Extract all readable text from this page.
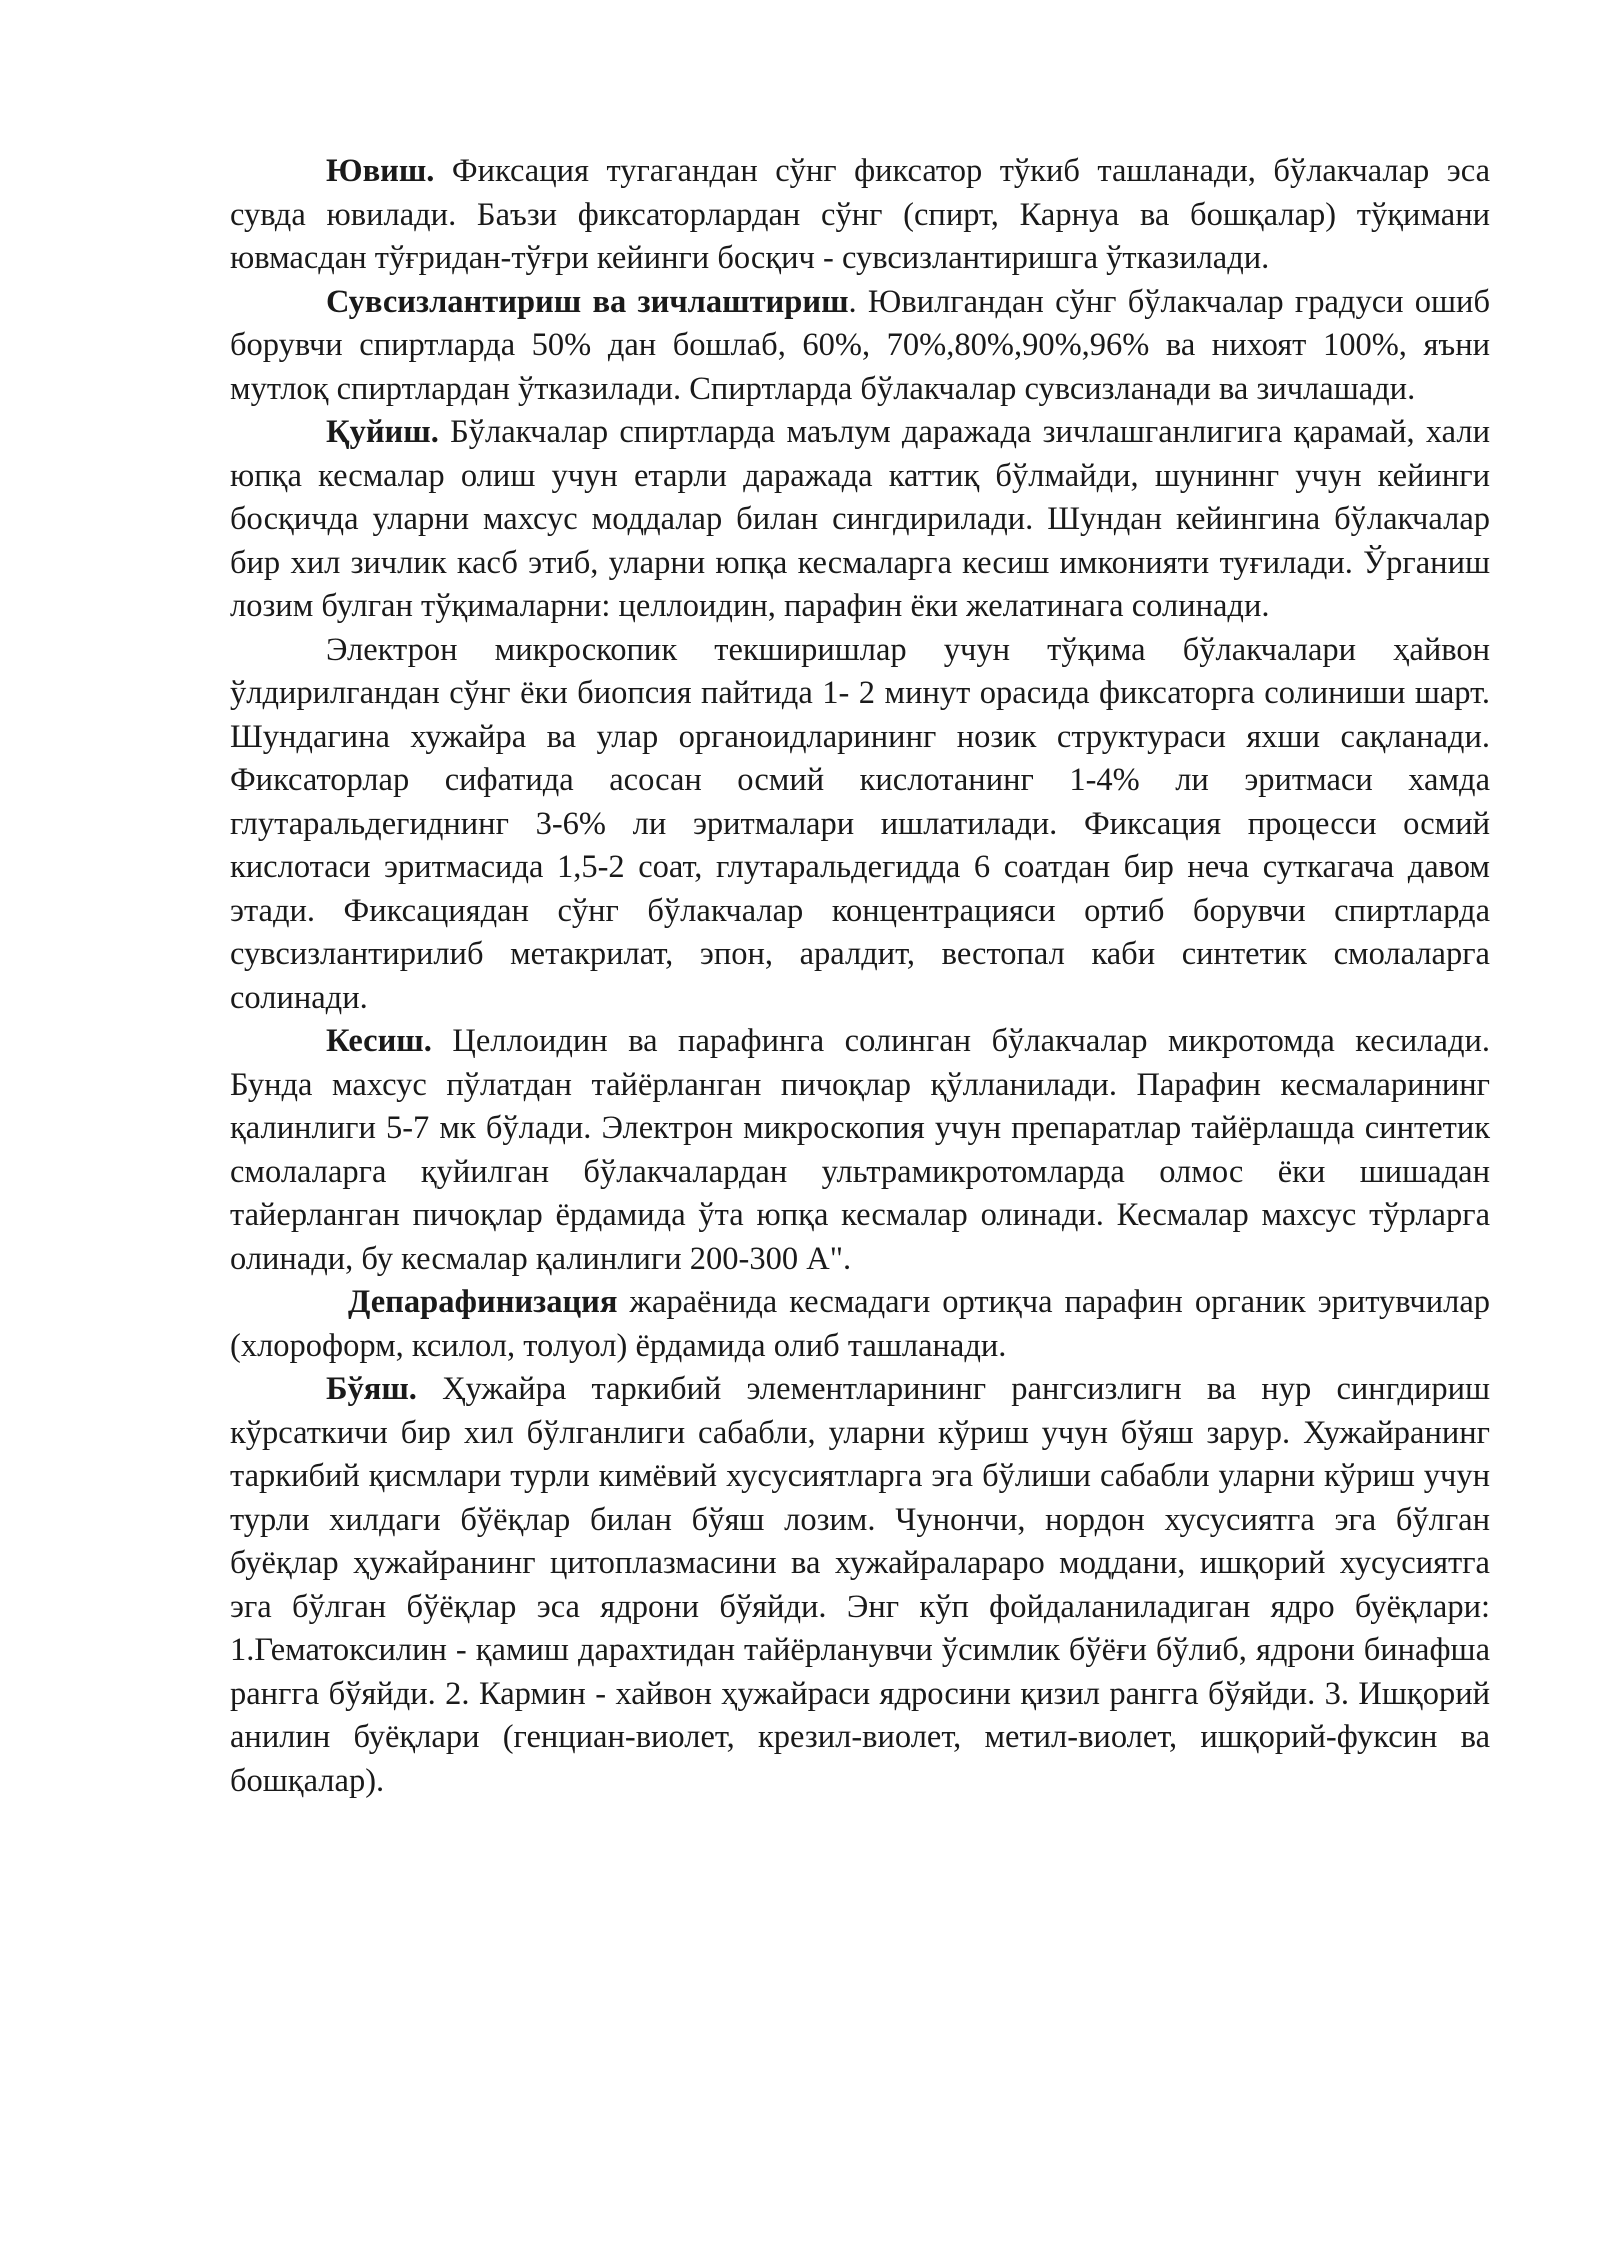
Ювиш. Фиксация тугагандан сўнг фиксатор тўкиб ташланади, бўлакчалар эса сувда ювилади. Баъзи фиксаторлардан сўнг (спирт, Карнуа ва бошқалар) тўқимани ювмасдан тўғридан-тўғри кейинги босқич - сувсизлантиришга ўтказилади.

Сувсизлантириш ва зичлаштириш. Ювилгандан сўнг бўлакчалар градуси ошиб борувчи спиртларда 50% дан бошлаб, 60%, 70%,80%,90%,96% ва нихоят 100%, яъни мутлоқ спиртлардан ўтказилади. Спиртларда бўлакчалар сувсизланади ва зичлашади.

Қуйиш. Бўлакчалар спиртларда маълум даражада зичлашганлигига қарамай, хали юпқа кесмалар олиш учун етарли даражада каттиқ бўлмайди, шуниннг учун кейинги босқичда уларни махсус моддалар билан сингдирилади. Шундан кейингина бўлакчалар бир хил зичлик касб этиб, уларни юпқа кесмаларга кесиш имконияти туғилади. Ўрганиш лозим булган тўқималарни: целлоидин, парафин ёки желатинага солинади.

Электрон микроскопик текширишлар учун тўқима бўлакчалари ҳайвон ўлдирилгандан сўнг ёки биопсия пайтида 1- 2 минут орасида фиксаторга солиниши шарт. Шундагина хужайра ва улар органоидларининг нозик структураси яхши сақланади. Фиксаторлар сифатида асосан осмий кислотанинг 1-4% ли эритмаси хамда глутаральдегиднинг 3-6% ли эритмалари ишлатилади. Фиксация процесси осмий кислотаси эритмасида 1,5-2 соат, глутаральдегидда 6 соатдан бир неча суткагача давом этади. Фиксациядан сўнг бўлакчалар концентрацияси ортиб борувчи спиртларда сувсизлантирилиб метакрилат, эпон, аралдит, вестопал каби синтетик смолаларга солинади.

Кесиш. Целлоидин ва парафинга солинган бўлакчалар микротомда кесилади. Бунда махсус пўлатдан тайёрланган пичоқлар қўлланилади. Парафин кесмаларининг қалинлиги 5-7 мк бўлади. Электрон микроскопия учун препаратлар тайёрлашда синтетик смолаларга қуйилган бўлакчалардан ультрамикротомларда олмос ёки шишадан тайерланган пичоқлар ёрдамида ўта юпқа кесмалар олинади. Кесмалар махсус тўрларга олинади, бу кесмалар қалинлиги 200-300 А".

Депарафинизация жараёнида кесмадаги ортиқча парафин органик эритувчилар (хлороформ, ксилол, толуол) ёрдамида олиб ташланади.

Бўяш. Ҳужайра таркибий элементларининг рангсизлигн ва нур сингдириш кўрсаткичи бир хил бўлганлиги сабабли, уларни кўриш учун бўяш зарур. Хужайранинг таркибий қисмлари турли кимёвий хусусиятларга эга бўлиши сабабли уларни кўриш учун турли хилдаги бўёқлар билан бўяш лозим. Чунончи, нордон хусусиятга эга бўлган буёқлар ҳужайранинг цитоплазмасини ва хужайралараро моддани, ишқорий хусусиятга эга бўлган бўёқлар эса ядрони бўяйди. Энг кўп фойдаланиладиган ядро буёқлари: 1.Гематоксилин - қамиш дарахтидан тайёрланувчи ўсимлик бўёғи бўлиб, ядрони бинафша рангга бўяйди. 2. Кармин - хайвон ҳужайраси ядросини қизил рангга бўяйди. 3. Ишқорий анилин буёқлари (генциан-виолет, крезил-виолет, метил-виолет, ишқорий-фуксин ва бошқалар).
